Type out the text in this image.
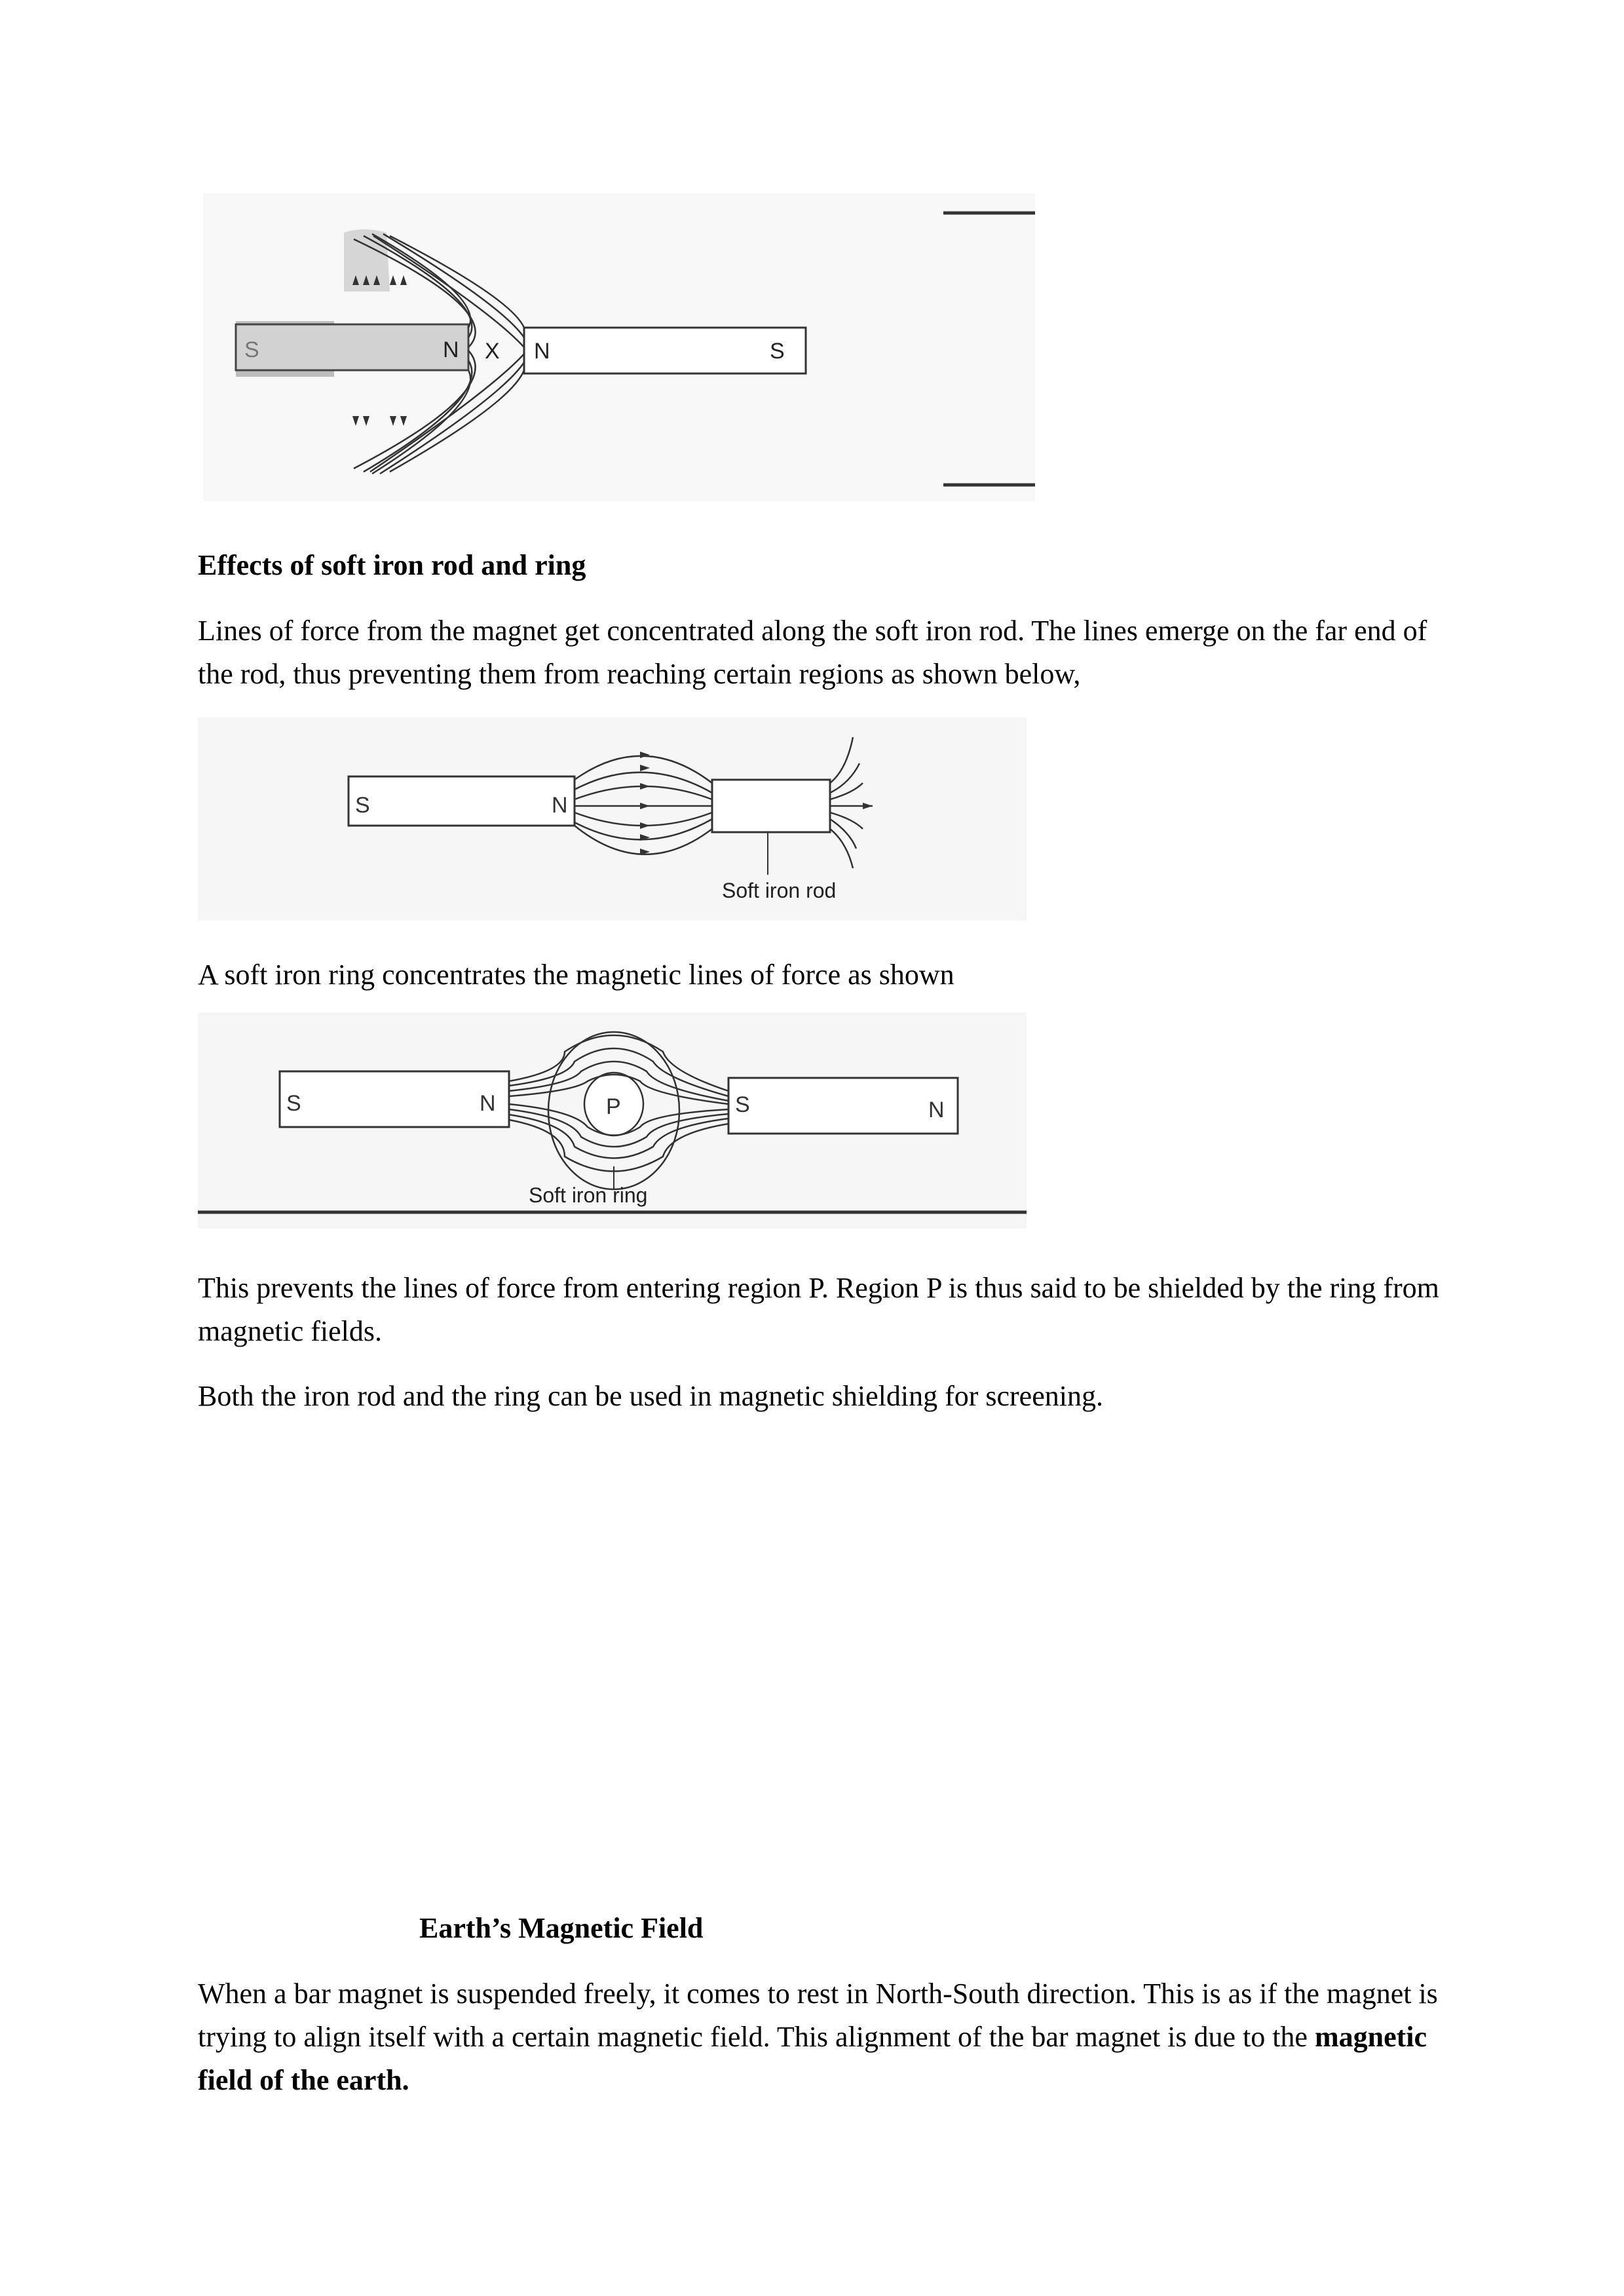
S	N X N	S

Effects of soft iron rod and ring

Lines of force from the magnet get concentrated along the soft iron rod. The lines emerge on the far end of the rod, thus preventing them from reaching certain regions as shown below,

S	N
Soft iron rod

A soft iron ring concentrates the magnetic lines of force as shown

S	N	S	N
P
Soft iron ring

This prevents the lines of force from entering region P. Region P is thus said to be shielded by the ring from magnetic fields.

Both the iron rod and the ring can be used in magnetic shielding for screening.

Earth’s Magnetic Field

When a bar magnet is suspended freely, it comes to rest in North-South direction. This is as if the magnet is trying to align itself with a certain magnetic field. This alignment of the bar magnet is due to the magnetic field of the earth.
